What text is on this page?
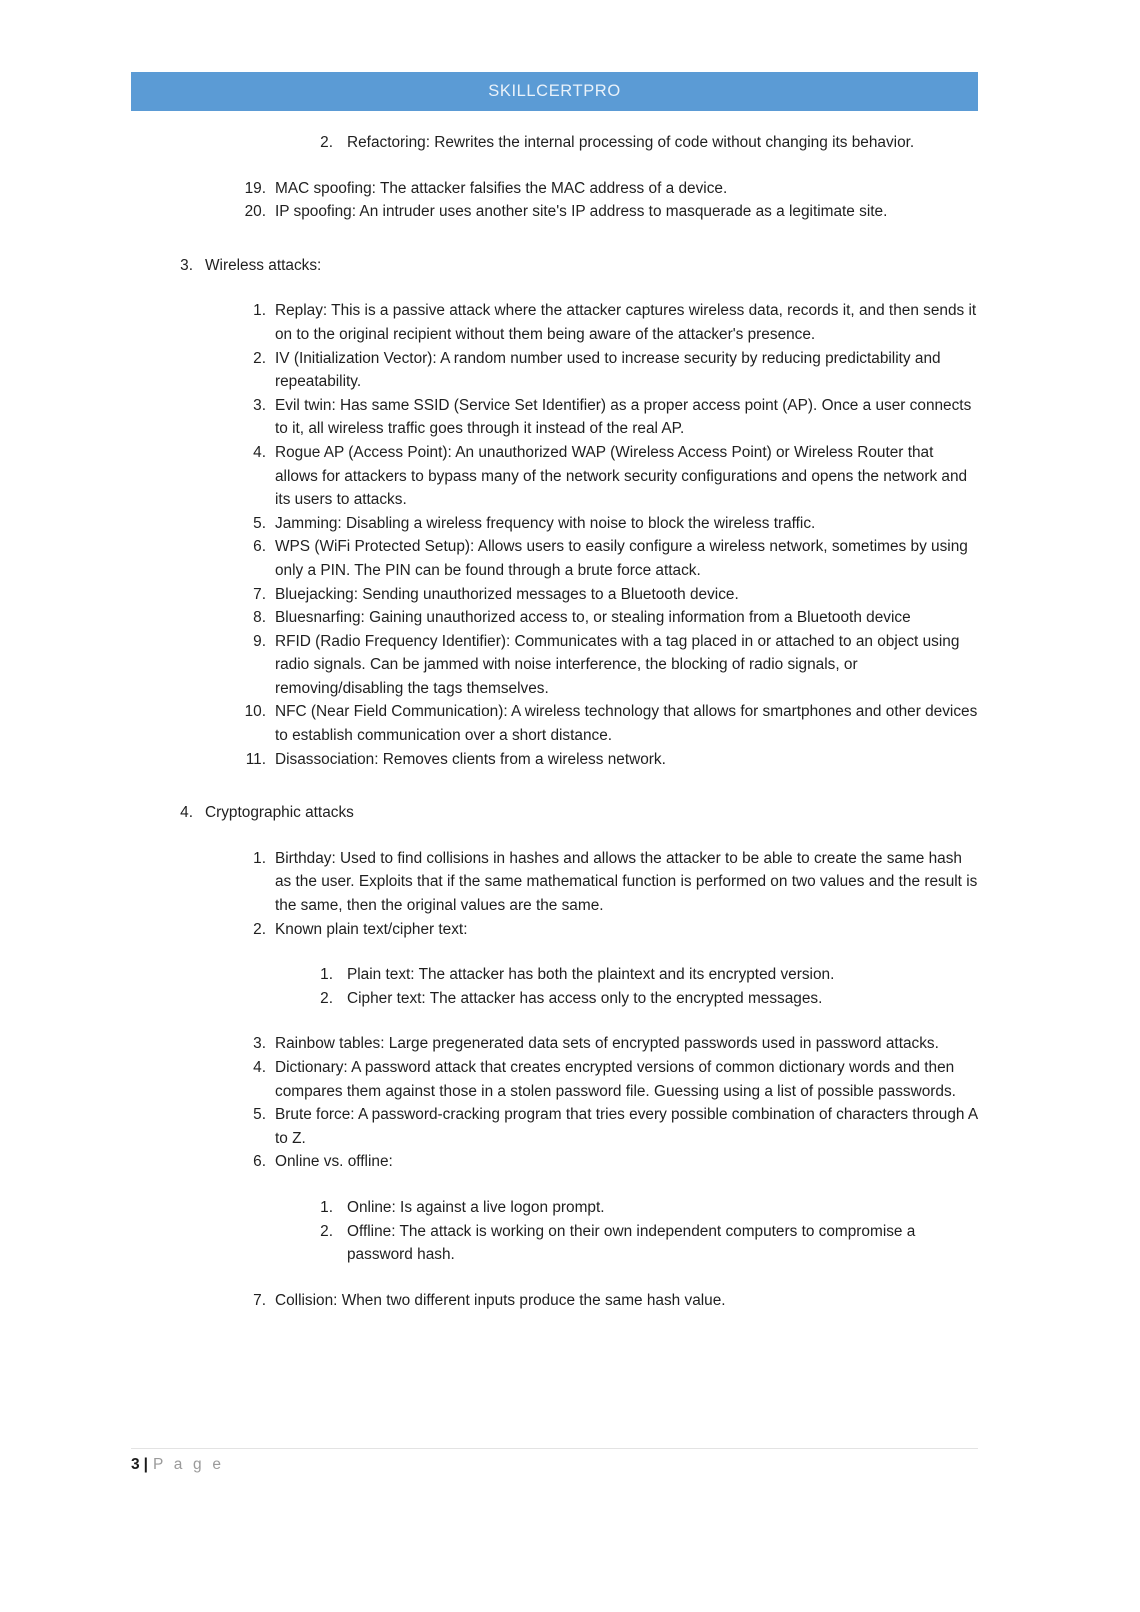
SKILLCERTPRO
2. Refactoring: Rewrites the internal processing of code without changing its behavior.
19. MAC spoofing: The attacker falsifies the MAC address of a device.
20. IP spoofing: An intruder uses another site's IP address to masquerade as a legitimate site.
3. Wireless attacks:
1. Replay: This is a passive attack where the attacker captures wireless data, records it, and then sends it on to the original recipient without them being aware of the attacker's presence.
2. IV (Initialization Vector): A random number used to increase security by reducing predictability and repeatability.
3. Evil twin: Has same SSID (Service Set Identifier) as a proper access point (AP). Once a user connects to it, all wireless traffic goes through it instead of the real AP.
4. Rogue AP (Access Point): An unauthorized WAP (Wireless Access Point) or Wireless Router that allows for attackers to bypass many of the network security configurations and opens the network and its users to attacks.
5. Jamming: Disabling a wireless frequency with noise to block the wireless traffic.
6. WPS (WiFi Protected Setup): Allows users to easily configure a wireless network, sometimes by using only a PIN. The PIN can be found through a brute force attack.
7. Bluejacking: Sending unauthorized messages to a Bluetooth device.
8. Bluesnarfing: Gaining unauthorized access to, or stealing information from a Bluetooth device
9. RFID (Radio Frequency Identifier): Communicates with a tag placed in or attached to an object using radio signals. Can be jammed with noise interference, the blocking of radio signals, or removing/disabling the tags themselves.
10. NFC (Near Field Communication): A wireless technology that allows for smartphones and other devices to establish communication over a short distance.
11. Disassociation: Removes clients from a wireless network.
4. Cryptographic attacks
1. Birthday: Used to find collisions in hashes and allows the attacker to be able to create the same hash as the user. Exploits that if the same mathematical function is performed on two values and the result is the same, then the original values are the same.
2. Known plain text/cipher text:
1. Plain text: The attacker has both the plaintext and its encrypted version.
2. Cipher text: The attacker has access only to the encrypted messages.
3. Rainbow tables: Large pregenerated data sets of encrypted passwords used in password attacks.
4. Dictionary: A password attack that creates encrypted versions of common dictionary words and then compares them against those in a stolen password file. Guessing using a list of possible passwords.
5. Brute force: A password-cracking program that tries every possible combination of characters through A to Z.
6. Online vs. offline:
1. Online: Is against a live logon prompt.
2. Offline: The attack is working on their own independent computers to compromise a password hash.
7. Collision: When two different inputs produce the same hash value.
3 | P a g e
